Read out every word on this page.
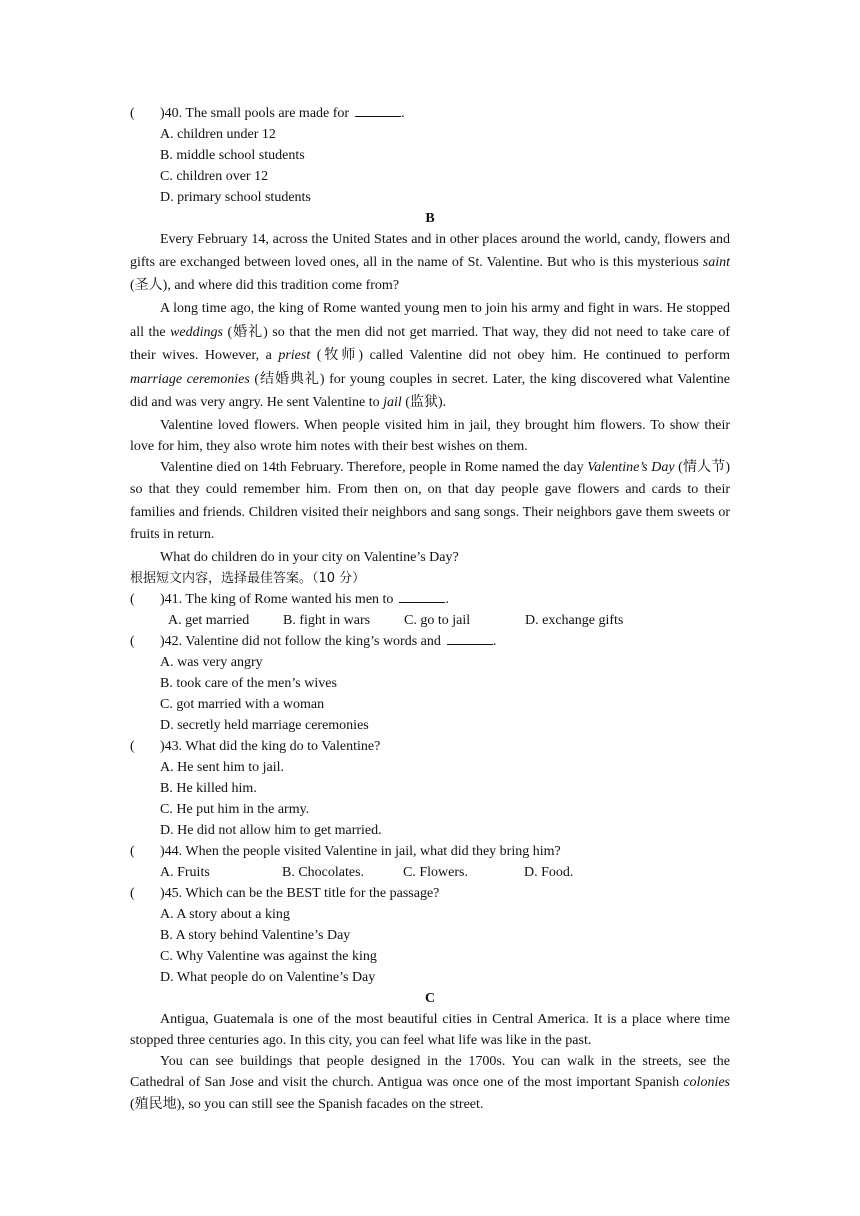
( )40. The small pools are made for	.
A. children under 12
B. middle school students
C. children over 12
D. primary school students
B

Every February 14, across the United States and in other places around the world, candy, flowers and gifts are exchanged between loved ones, all in the name of St. Valentine. But who is this mysterious saint (圣人), and where did this tradition come from?

A long time ago, the king of Rome wanted young men to join his army and fight in wars. He stopped all the weddings (婚礼) so that the men did not get married. That way, they did not need to take care of their wives. However, a priest (牧师) called Valentine did not obey him. He continued to perform marriage ceremonies (结婚典礼) for young couples in secret. Later, the king discovered what Valentine did and was very angry. He sent Valentine to jail (监狱).

Valentine loved flowers. When people visited him in jail, they brought him flowers. To show their love for him, they also wrote him notes with their best wishes on them.

Valentine died on 14th February. Therefore, people in Rome named the day Valentine’s Day (情人节) so that they could remember him. From then on, on that day people gave flowers and cards to their families and friends. Children visited their neighbors and sang songs. Their neighbors gave them sweets or fruits in return.

What do children do in your city on Valentine’s Day?

根据短文内容，选择最佳答案。（10 分）
( )41. The king of Rome wanted his men to	.
A. get married B. fight in wars C. go to jail	D. exchange gifts
( )42. Valentine did not follow the king’s words and	.
A. was very angry
B. took care of the men’s wives
C. got married with a woman
D. secretly held marriage ceremonies
( )43. What did the king do to Valentine?
A. He sent him to jail.
B. He killed him.
C. He put him in the army.
D. He did not allow him to get married.
( )44. When the people visited Valentine in jail, what did they bring him?
A. Fruits	B. Chocolates.	C. Flowers.	D. Food.
( )45. Which can be the BEST title for the passage?
A. A story about a king
B. A story behind Valentine’s Day
C. Why Valentine was against the king
D. What people do on Valentine’s Day
C

Antigua, Guatemala is one of the most beautiful cities in Central America. It is a place where time stopped three centuries ago. In this city, you can feel what life was like in the past.

You can see buildings that people designed in the 1700s. You can walk in the streets, see the Cathedral of San Jose and visit the church. Antigua was once one of the most important Spanish colonies (殖民地), so you can still see the Spanish facades on the street.
